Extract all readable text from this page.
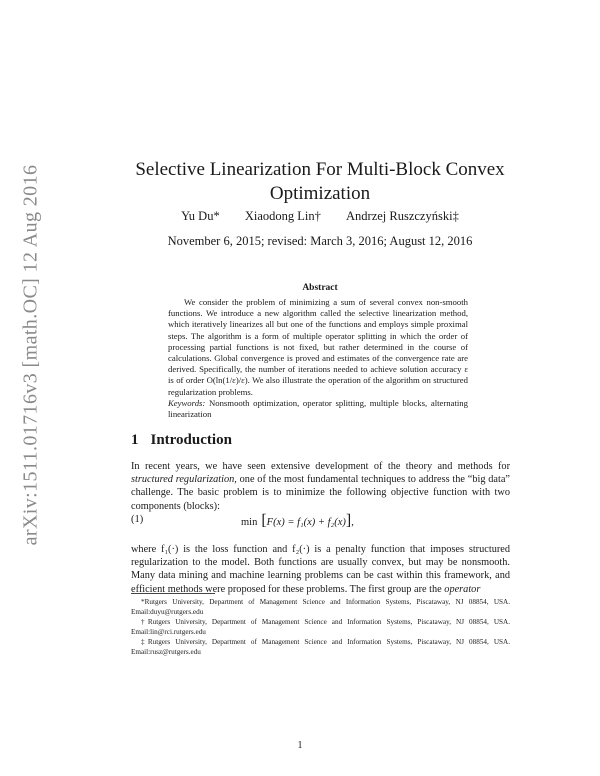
arXiv:1511.01716v3 [math.OC] 12 Aug 2016	Selective Linearization For Multi-Block Convex Optimization
Yu Du* Xiaodong Lin† Andrzej Ruszczyński‡
November 6, 2015; revised: March 3, 2016; August 12, 2016
Abstract

We consider the problem of minimizing a sum of several convex non-smooth functions. We introduce a new algorithm called the selective linearization method, which iteratively linearizes all but one of the functions and employs simple proximal steps. The algorithm is a form of multiple operator splitting in which the order of processing partial functions is not fixed, but rather determined in the course of calculations. Global convergence is proved and estimates of the convergence rate are derived. Specifically, the number of iterations needed to achieve solution accuracy ε is of order O(ln(1/ε)/ε). We also illustrate the operation of the algorithm on structured regularization problems.

Keywords: Nonsmooth optimization, operator splitting, multiple blocks, alternating linearization

1 Introduction

In recent years, we have seen extensive development of the theory and methods for structured regularization, one of the most fundamental techniques to address the “big data” challenge. The basic problem is to minimize the following objective function with two components (blocks):

(1)	min [F(x) = f₁(x) + f₂(x)],

where f₁(·) is the loss function and f₂(·) is a penalty function that imposes structured regularization to the model. Both functions are usually convex, but may be nonsmooth. Many data mining and machine learning problems can be cast within this framework, and efficient methods were proposed for these problems. The first group are the operator

*Rutgers University, Department of Management Science and Information Systems, Piscataway, NJ 08854, USA. Email:duyu@rutgers.edu

†Rutgers University, Department of Management Science and Information Systems, Piscataway, NJ 08854, USA. Email:lin@rci.rutgers.edu

‡Rutgers University, Department of Management Science and Information Systems, Piscataway, NJ 08854, USA. Email:rusz@rutgers.edu

1
